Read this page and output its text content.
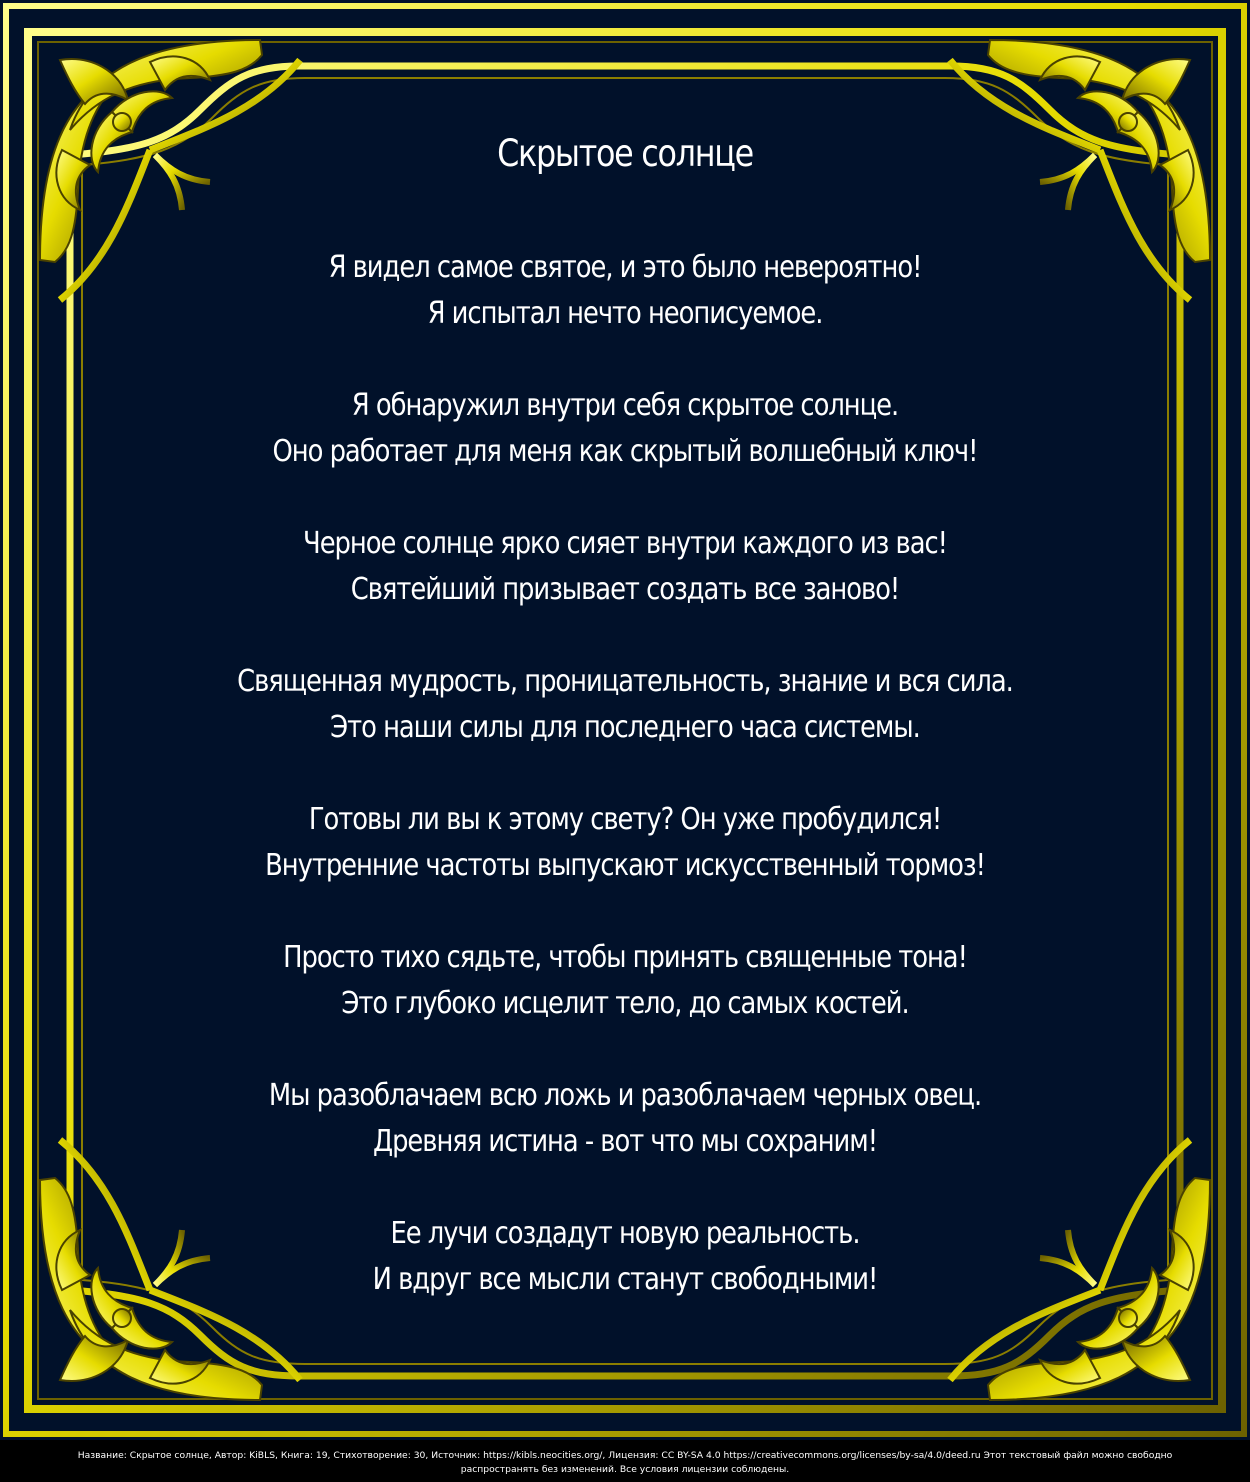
Скрытое солнце
Я видел самое святое, и это было невероятно!
Я испытал нечто неописуемое.
Я обнаружил внутри себя скрытое солнце.
Оно работает для меня как скрытый волшебный ключ!
Черное солнце ярко сияет внутри каждого из вас!
Святейший призывает создать все заново!
Священная мудрость, проницательность, знание и вся сила.
Это наши силы для последнего часа системы.
Готовы ли вы к этому свету? Он уже пробудился!
Внутренние частоты выпускают искусственный тормоз!
Просто тихо сядьте, чтобы принять священные тона!
Это глубоко исцелит тело, до самых костей.
Мы разоблачаем всю ложь и разоблачаем черных овец.
Древняя истина - вот что мы сохраним!
Ее лучи создадут новую реальность.
И вдруг все мысли станут свободными!
Название: Скрытое солнце, Автор: KiBLS, Книга: 19, Стихотворение: 30, Источник: https://kibls.neocities.org/, Лицензия: CC BY-SA 4.0 https://creativecommons.org/licenses/by-sa/4.0/deed.ru Этот текстовый файл можно свободно
распространять без изменений. Все условия лицензии соблюдены.
